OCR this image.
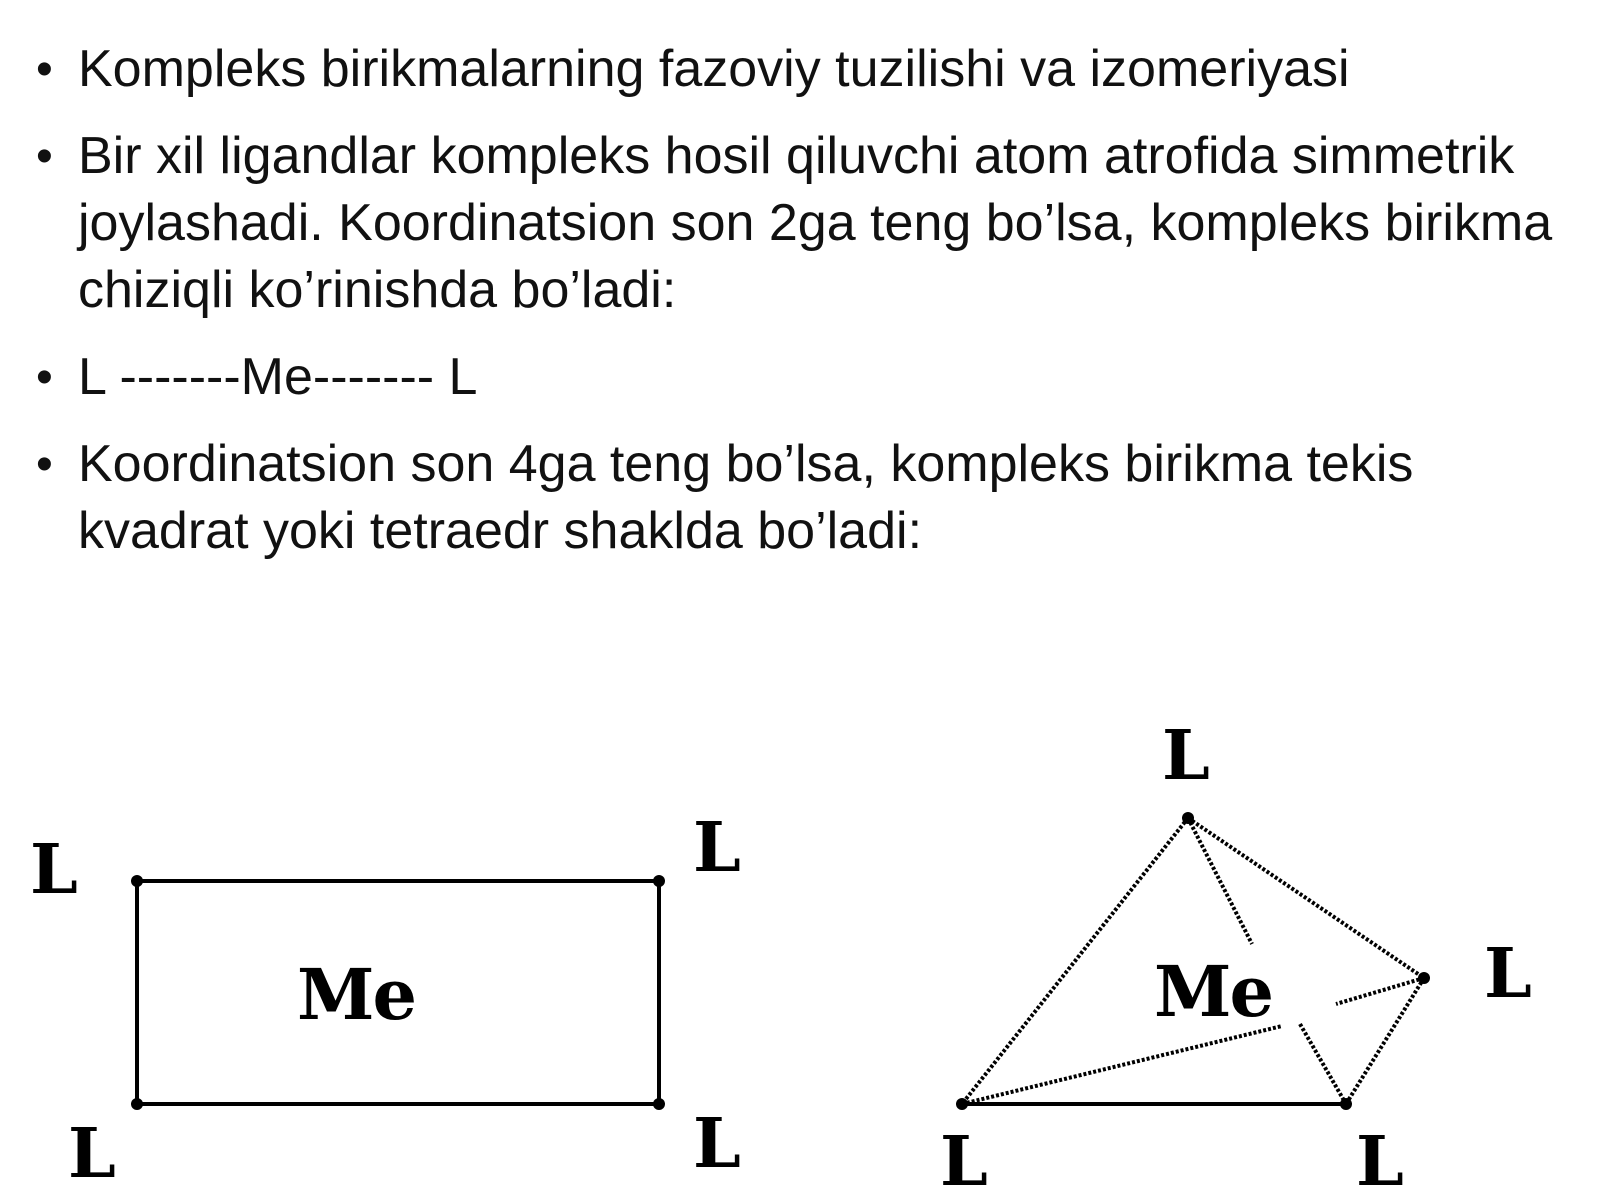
• Kompleks birikmalarning fazoviy tuzilishi va izomeriyasi
• Bir xil ligandlar kompleks hosil qiluvchi atom atrofida simmetrik joylashadi. Koordinatsion son 2ga teng bo’lsa, kompleks birikma chiziqli ko’rinishda bo’ladi:
• L -------Me------- L
• Koordinatsion son 4ga teng bo’lsa, kompleks birikma tekis kvadrat yoki tetraedr shaklda bo’ladi:
Me
L	L
L	L
Me
L
L
L	L
